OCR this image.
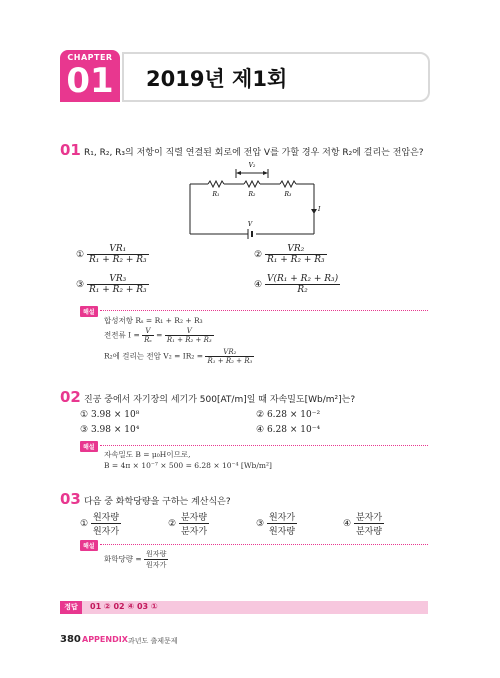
CHAPTER
01	2019년 제1회
01 R₁, R₂, R₃의 저항이 직렬 연결된 회로에 전압 V를 가할 경우 저항 R₂에 걸리는 전압은?
V₂
R₁	R₂	R₃
V
I
① $\frac{\text{VR₁}}{\text{R₁ + R₂ + R₃}}$	② $\frac{\text{VR₂}}{\text{R₁ + R₂ + R₃}}$
③ $\frac{\text{VR₃}}{\text{R₁ + R₂ + R₃}}$	④ $\frac{\text{V(R₁ + R₂ + R₃)}}{\text{R₂}}$
해설
합성저항 Rₛ = R₁ + R₂ + R₃
전전류 $I = \frac{V}{\text{Rₛ}} = \frac{V}{\text{R₁ + R₂ + R₃}}$
R₂에 걸리는 전압 $V_2 = IR_2 = \frac{\text{VR₂}}{\text{R₁ + R₂ + R₃}}$
02 진공 중에서 자기장의 세기가 500[AT/m]일 때 자속밀도[Wb/m²]는?
① 3.98 × 10⁸	② 6.28 × 10⁻²
③ 3.98 × 10⁴	④ 6.28 × 10⁻⁴
해설
자속밀도 B = μ₀H이므로,
B = 4π × 10⁻⁷ × 500 = 6.28 × 10⁻⁴ [Wb/m²]
03 다음 중 화학당량을 구하는 계산식은?
① $\frac{\text{원자량}}{\text{원자가}}$	② $\frac{\text{분자량}}{\text{분자가}}$	③ $\frac{\text{원자가}}{\text{원자량}}$	④ $\frac{\text{분자가}}{\text{분자량}}$
해설
화학당량 = $\frac{\text{원자량}}{\text{원자가}}$
정답	01 ② 02 ④ 03 ①
380 APPENDIX 과년도 출제문제
